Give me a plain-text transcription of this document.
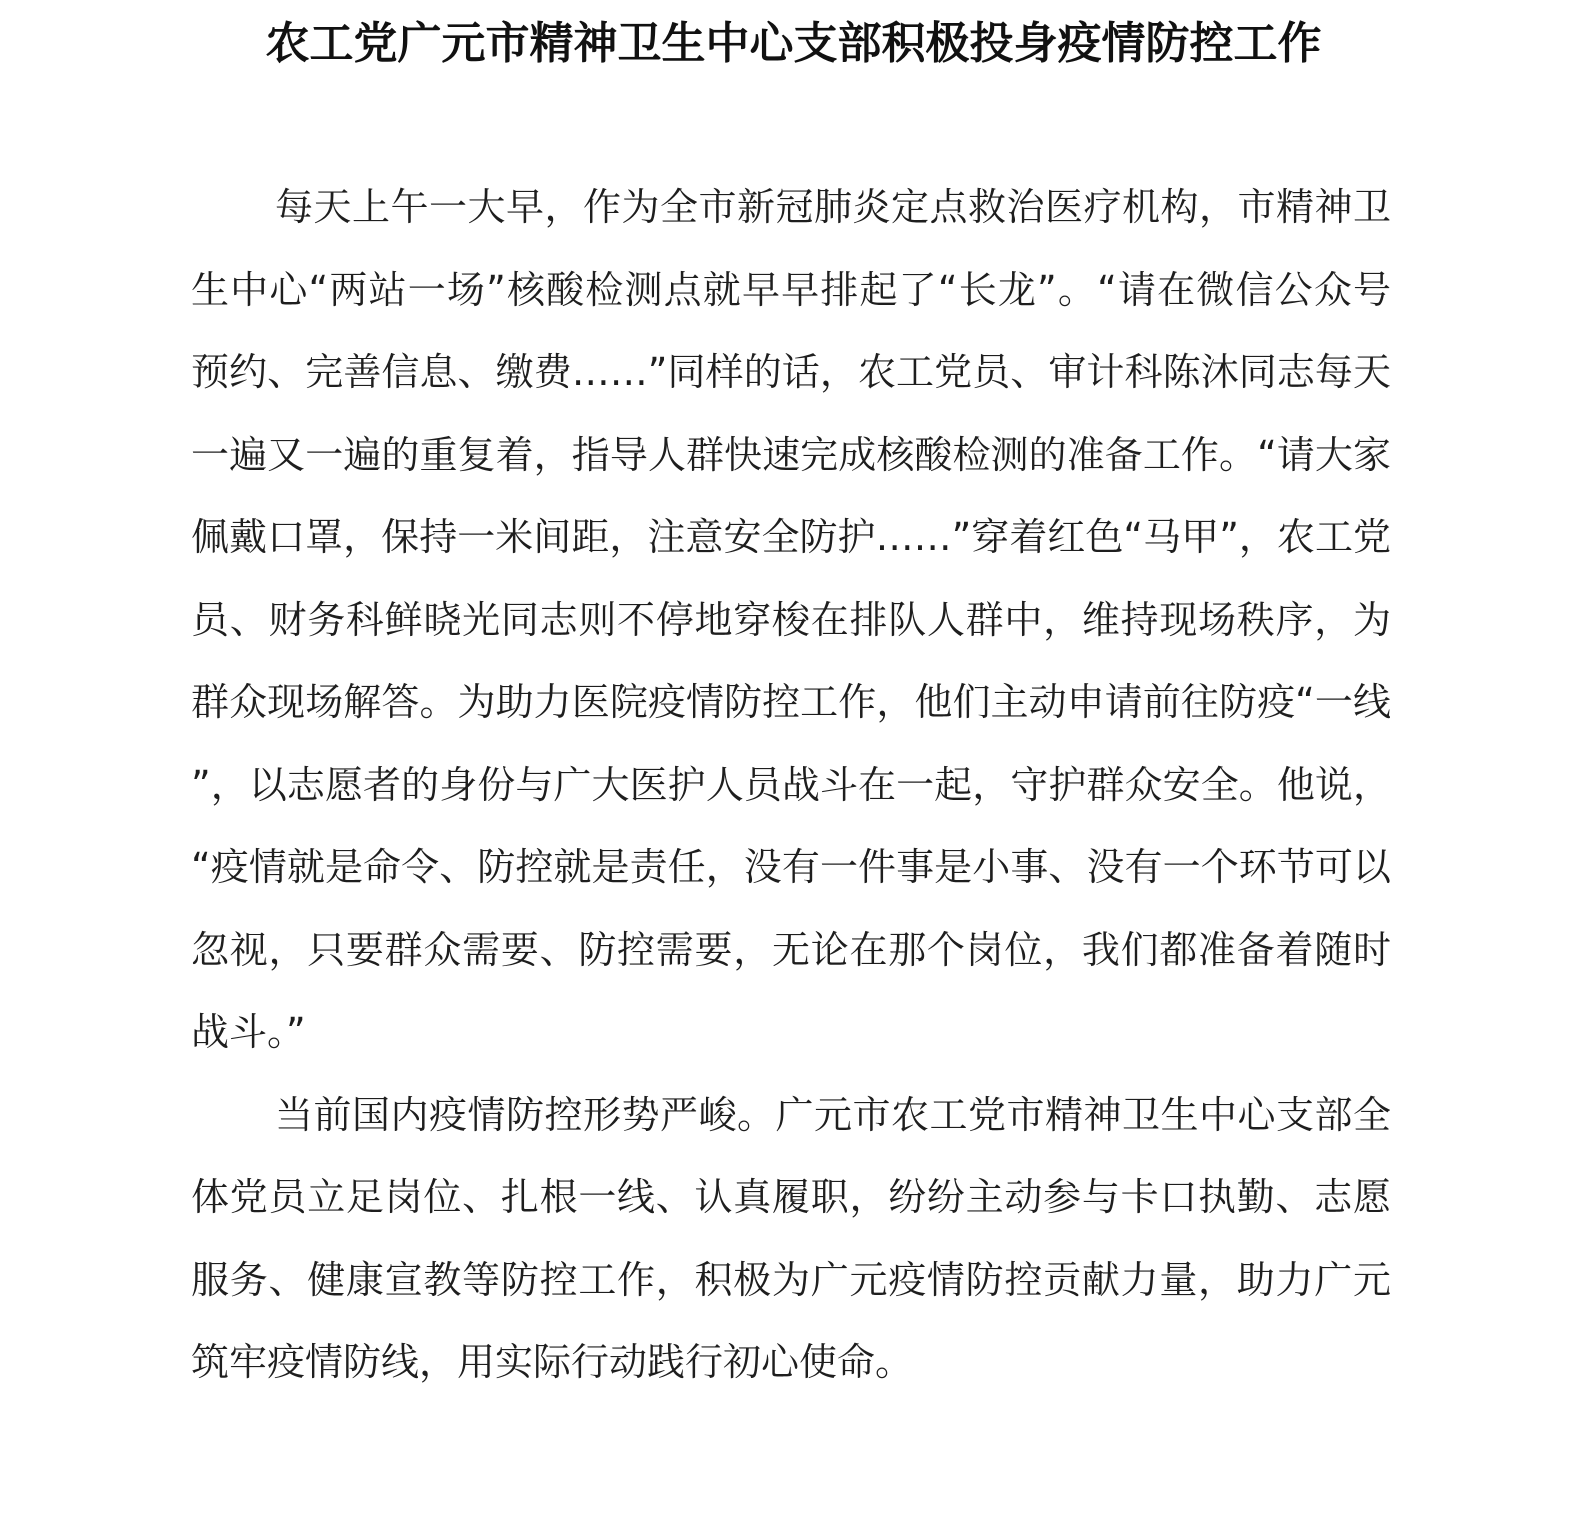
农工党广元市精神卫生中心支部积极投身疫情防控工作

每天上午一大早，作为全市新冠肺炎定点救治医疗机构，市精神卫生中心“两站一场”核酸检测点就早早排起了“长龙”。“请在微信公众号预约、完善信息、缴费……”同样的话，农工党员、审计科陈沐同志每天一遍又一遍的重复着，指导人群快速完成核酸检测的准备工作。“请大家佩戴口罩，保持一米间距，注意安全防护……”穿着红色“马甲”，农工党员、财务科鲜晓光同志则不停地穿梭在排队人群中，维持现场秩序，为群众现场解答。为助力医院疫情防控工作，他们主动申请前往防疫“一线”，以志愿者的身份与广大医护人员战斗在一起，守护群众安全。他说，“疫情就是命令、防控就是责任，没有一件事是小事、没有一个环节可以忽视，只要群众需要、防控需要，无论在那个岗位，我们都准备着随时战斗。”

当前国内疫情防控形势严峻。广元市农工党市精神卫生中心支部全体党员立足岗位、扎根一线、认真履职，纷纷主动参与卡口执勤、志愿服务、健康宣教等防控工作，积极为广元疫情防控贡献力量，助力广元筑牢疫情防线，用实际行动践行初心使命。
